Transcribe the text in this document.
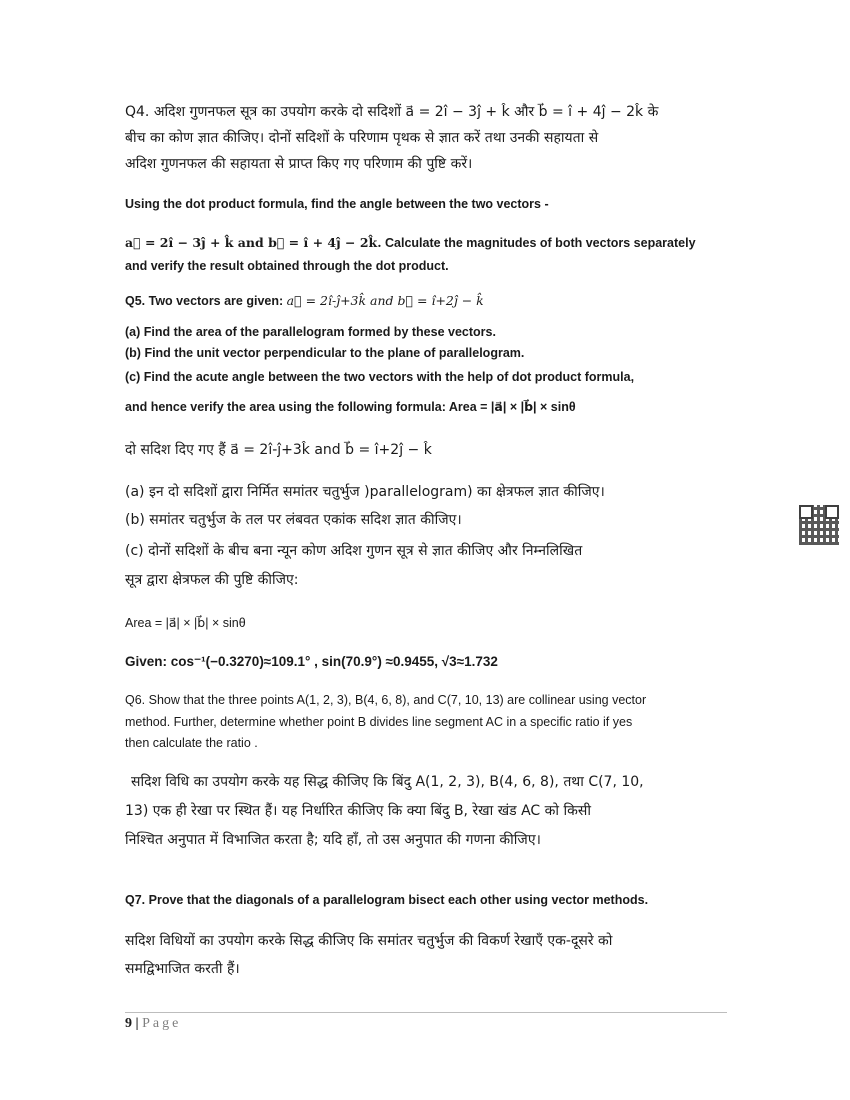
Q4. अदिश गुणनफल सूत्र का उपयोग करके दो सदिशों a⃗ = 2î − 3ĵ + k̂ और b⃗ = î + 4ĵ − 2k̂ के
बीच का कोण ज्ञात कीजिए। दोनों सदिशों के परिणाम पृथक से ज्ञात करें तथा उनकी सहायता से
अदिश गुणनफल की सहायता से प्राप्त किए गए परिणाम की पुष्टि करें।
Using the dot product formula, find the angle between the two vectors -
a⃗ = 2î − 3ĵ + k̂ and b⃗ = î + 4ĵ − 2k̂. Calculate the magnitudes of both vectors separately
and verify the result obtained through the dot product.
Q5. Two vectors are given: a⃗ = 2î-ĵ+3k̂ and b⃗ = î+2ĵ − k̂
(a) Find the area of the parallelogram formed by these vectors.
(b) Find the unit vector perpendicular to the plane of parallelogram.
(c) Find the acute angle between the two vectors with the help of dot product formula,
and hence verify the area using the following formula: Area = |a⃗| × |b⃗| × sinθ
दो सदिश दिए गए हैं a⃗ = 2î-ĵ+3k̂ and b⃗ = î+2ĵ − k̂
(a) इन दो सदिशों द्वारा निर्मित समांतर चतुर्भुज )parallelogram) का क्षेत्रफल ज्ञात कीजिए।
(b) समांतर चतुर्भुज के तल पर लंबवत एकांक सदिश ज्ञात कीजिए।
(c) दोनों सदिशों के बीच बना न्यून कोण अदिश गुणन सूत्र से ज्ञात कीजिए और निम्नलिखित
सूत्र द्वारा क्षेत्रफल की पुष्टि कीजिए:
Area = |a⃗| × |b⃗| × sinθ
Given: cos⁻¹(−0.3270)≈109.1° , sin(70.9°) ≈0.9455, √3≈1.732
Q6. Show that the three points A(1, 2, 3), B(4, 6, 8), and C(7, 10, 13) are collinear using vector
method. Further, determine whether point B divides line segment AC in a specific ratio if yes
then calculate the ratio .
सदिश विधि का उपयोग करके यह सिद्ध कीजिए कि बिंदु A(1, 2, 3), B(4, 6, 8), तथा C(7, 10,
13) एक ही रेखा पर स्थित हैं। यह निर्धारित कीजिए कि क्या बिंदु B, रेखा खंड AC को किसी
निश्चित अनुपात में विभाजित करता है; यदि हाँ, तो उस अनुपात की गणना कीजिए।
Q7. Prove that the diagonals of a parallelogram bisect each other using vector methods.
सदिश विधियों का उपयोग करके सिद्ध कीजिए कि समांतर चतुर्भुज की विकर्ण रेखाएँ एक-दूसरे को
समद्विभाजित करती हैं।
9 | Page
